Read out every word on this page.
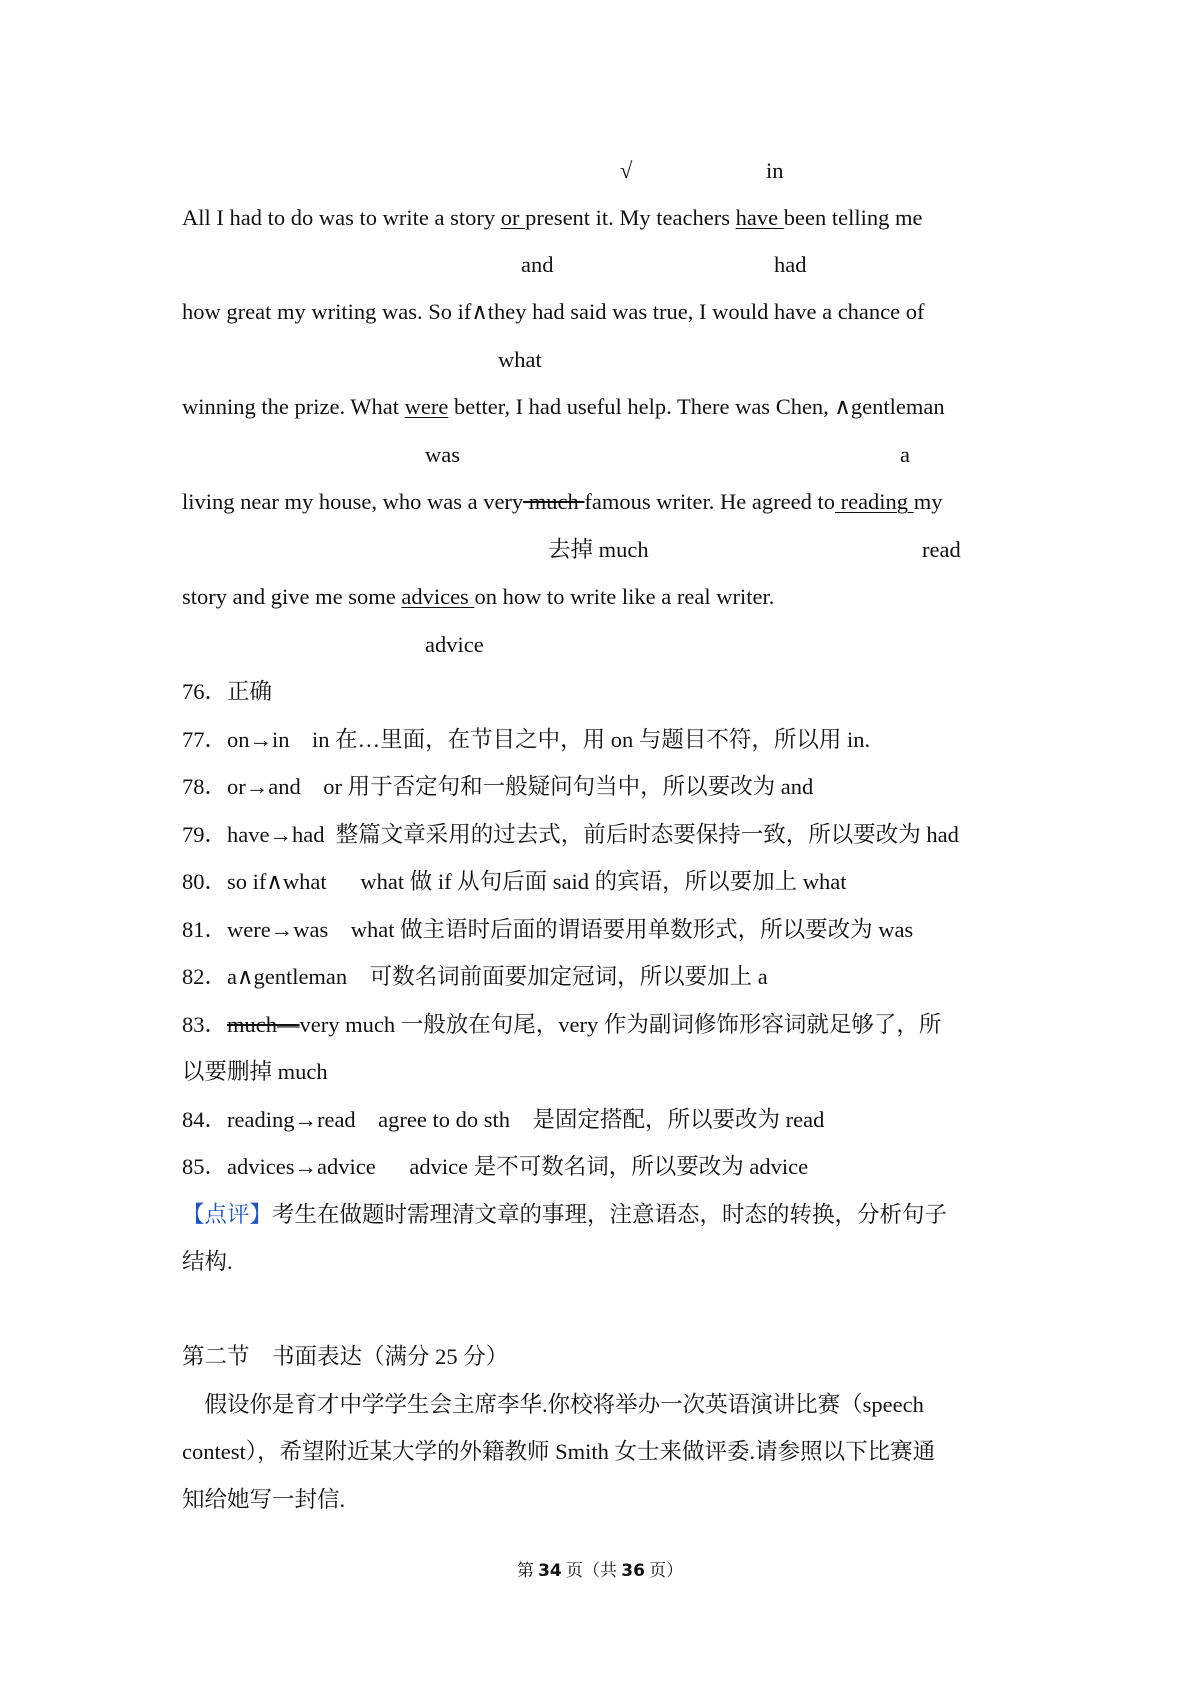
√	in
All I had to do was to write a story or present it. My teachers have been telling me
and	had
how great my writing was. So if∧they had said was true, I would have a chance of
what
winning the prize. What were better, I had useful help. There was Chen, ∧gentleman
was	a
living near my house, who was a very much famous writer. He agreed to reading my
去掉 much	read
story and give me some advices on how to write like a real writer.
advice
76．正确
77．on→in    in 在…里面，在节目之中，用 on 与题目不符，所以用 in.
78．or→and    or 用于否定句和一般疑问句当中，所以要改为 and
79．have→had  整篇文章采用的过去式，前后时态要保持一致，所以要改为 had
80．so if∧what      what 做 if 从句后面 said 的宾语，所以要加上 what
81．were→was    what 做主语时后面的谓语要用单数形式，所以要改为 was
82．a∧gentleman    可数名词前面要加定冠词，所以要加上 a
83．much—very much 一般放在句尾，very 作为副词修饰形容词就足够了，所
以要删掉 much
84．reading→read    agree to do sth    是固定搭配，所以要改为 read
85．advices→advice      advice 是不可数名词，所以要改为 advice
【点评】考生在做题时需理清文章的事理，注意语态，时态的转换，分析句子
结构.
第二节    书面表达（满分 25 分）
假设你是育才中学学生会主席李华.你校将举办一次英语演讲比赛（speech
contest），希望附近某大学的外籍教师 Smith 女士来做评委.请参照以下比赛通
知给她写一封信.
第 34 页（共 36 页）
